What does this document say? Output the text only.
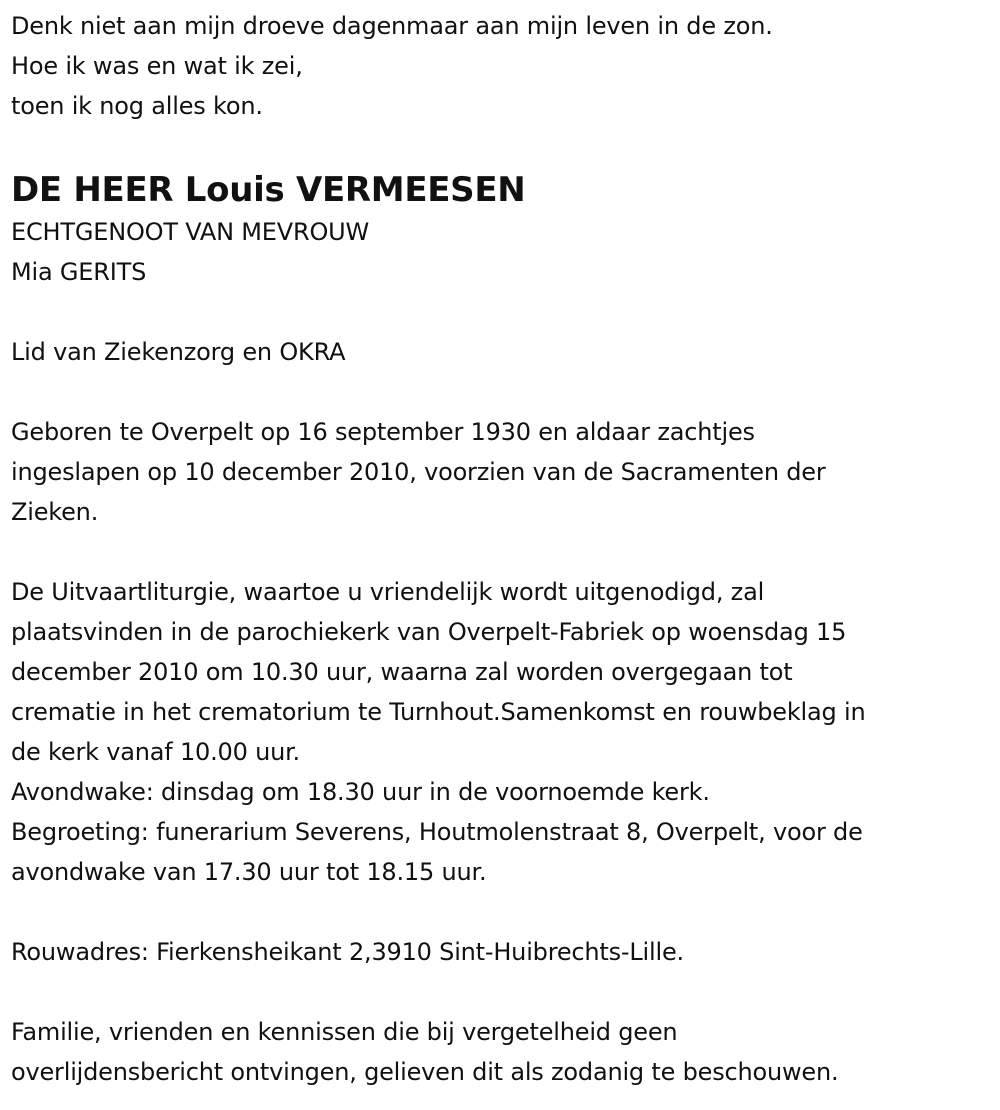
Denk niet aan mijn droeve dagenmaar aan mijn leven in de zon.
Hoe ik was en wat ik zei,
toen ik nog alles kon.
DE HEER Louis VERMEESEN
ECHTGENOOT VAN MEVROUW
Mia GERITS
Lid van Ziekenzorg en OKRA
Geboren te Overpelt op 16 september 1930 en aldaar zachtjes
ingeslapen op 10 december 2010, voorzien van de Sacramenten der
Zieken.
De Uitvaartliturgie, waartoe u vriendelijk wordt uitgenodigd, zal
plaatsvinden in de parochiekerk van Overpelt-Fabriek op woensdag 15
december 2010 om 10.30 uur, waarna zal worden overgegaan tot
crematie in het crematorium te Turnhout.Samenkomst en rouwbeklag in
de kerk vanaf 10.00 uur.
Avondwake: dinsdag om 18.30 uur in de voornoemde kerk.
Begroeting: funerarium Severens, Houtmolenstraat 8, Overpelt, voor de
avondwake van 17.30 uur tot 18.15 uur.
Rouwadres: Fierkensheikant 2,3910 Sint-Huibrechts-Lille.
Familie, vrienden en kennissen die bij vergetelheid geen
overlijdensbericht ontvingen, gelieven dit als zodanig te beschouwen.
